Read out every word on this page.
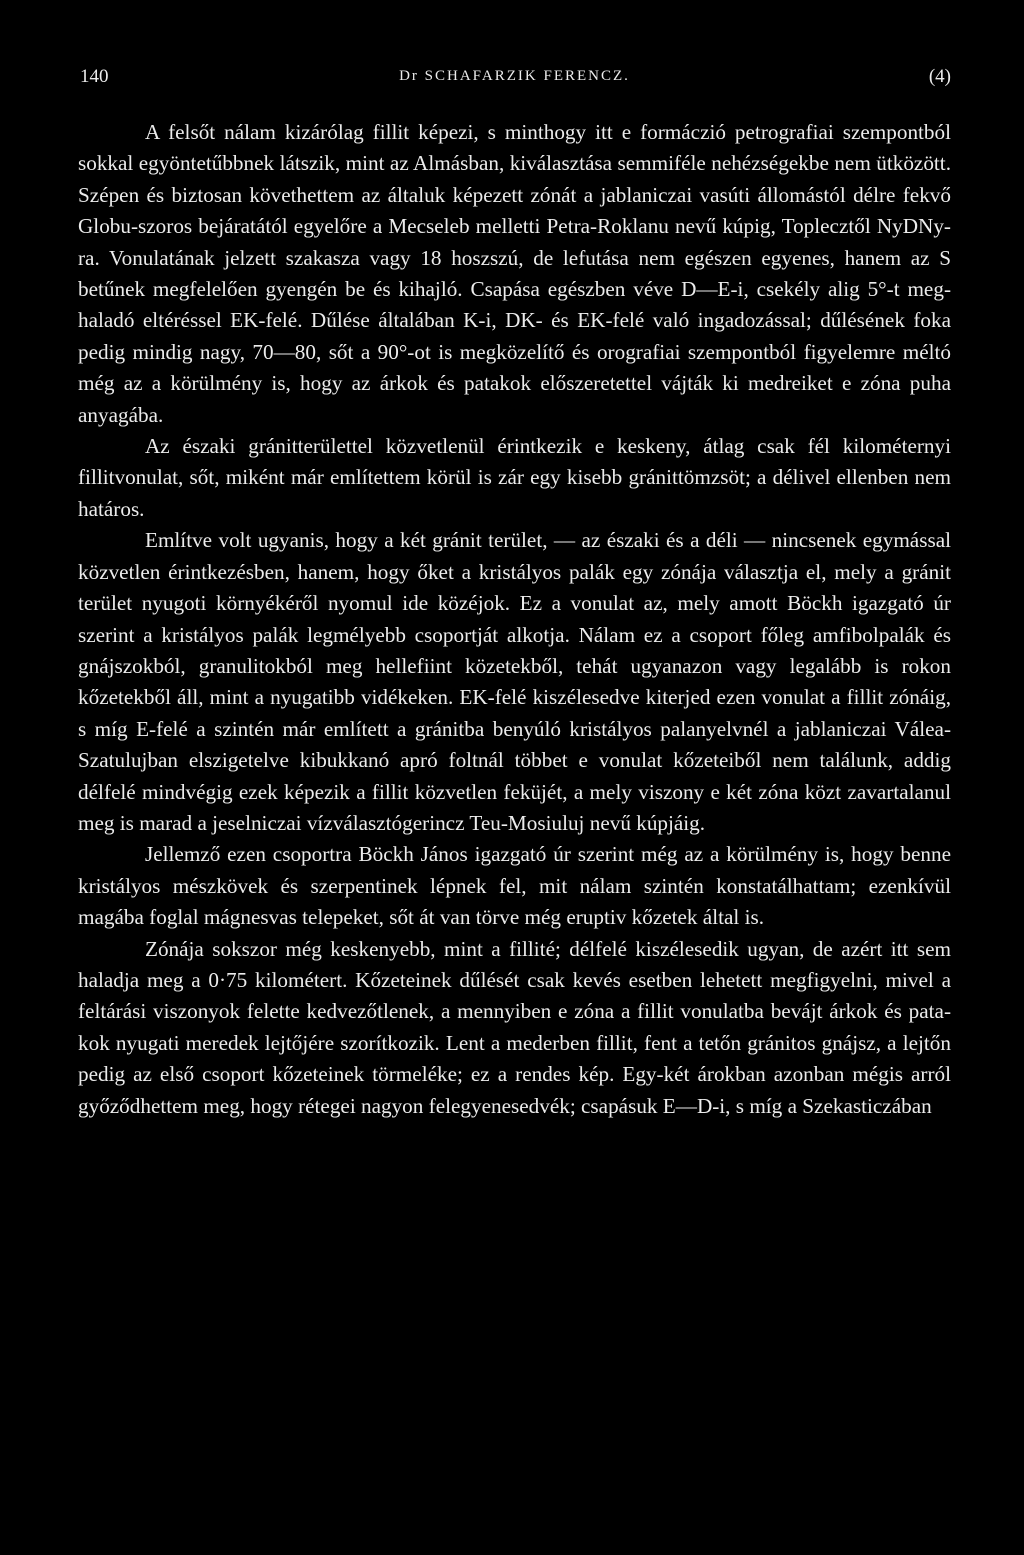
140	Dr SCHAFARZIK FERENCZ.	(4)

A felsőt nálam kizárólag fillit képezi, s minthogy itt e formáczió petrografiai szempontból sokkal egyöntetűbbnek látszik, mint az Almásban, kiválasztása semmiféle nehézségekbe nem ütközött. Szépen és biztosan követhettem az általuk képezett zónát a jablaniczai vasúti állomástól délre fekvő Globu-szoros bejáratától egyelőre a Mecseleb melletti Petra-Roklanu nevű kúpig, Toplecztől NyDNy-ra. Vonulatának jelzett szakasza vagy 18 hoszszú, de lefutása nem egészen egyenes, hanem az S betűnek megfelelően gyengén be és kihajló. Csapása egészben véve D—E-i, csekély alig 5°-t meghaladó eltéréssel EK-felé. Dűlése általában K-i, DK- és EK-felé való ingadozással; dűlésének foka pedig mindig nagy, 70—80, sőt a 90°-ot is megközelítő és orografiai szempontból figyelemre méltó még az a körülmény is, hogy az árkok és patakok előszeretettel vájták ki medreiket e zóna puha anyagába.

Az északi gránitterülettel közvetlenül érintkezik e keskeny, átlag csak fél kilométernyi fillitvonulat, sőt, miként már említettem körül is zár egy kisebb gránittömzsöt; a délivel ellenben nem határos.

Említve volt ugyanis, hogy a két gránit terület, — az északi és a déli — nincsenek egymással közvetlen érintkezésben, hanem, hogy őket a kristályos palák egy zónája választja el, mely a gránit terület nyugoti környékéről nyomul ide közéjok. Ez a vonulat az, mely amott Böckh igazgató úr szerint a kristályos palák legmélyebb csoportját alkotja. Nálam ez a csoport főleg amfibolpalák és gnájszokból, granulitokból meg hellefiint közetekből, tehát ugyanazon vagy legalább is rokon kőzetekből áll, mint a nyugatibb vidékeken. EK-felé kiszélesedve kiterjed ezen vonulat a fillit zónáig, s míg E-felé a szintén már említett a gránitba benyúló kristályos palanyelvnél a jablaniczai Válea-Szatulujban elszigetelve kibukkanó apró foltnál többet e vonulat kőzeteiből nem találunk, addig délfelé mindvégig ezek képezik a fillit közvetlen feküjét, a mely viszony e két zóna közt zavartalanul meg is marad a jeselniczai vízválasztógerincz Teu-Mosiuluj nevű kúpjáig.

Jellemző ezen csoportra Böckh János igazgató úr szerint még az a körülmény is, hogy benne kristályos mészkövek és szerpentinek lépnek fel, mit nálam szintén konstatálhattam; ezenkívül magába foglal mágnesvas telepeket, sőt át van törve még eruptiv kőzetek által is.

Zónája sokszor még keskenyebb, mint a fillité; délfelé kiszélesedik ugyan, de azért itt sem haladja meg a 0·75 kilométert. Kőzeteinek dűlését csak kevés esetben lehetett megfigyelni, mivel a feltárási viszonyok felette kedvezőtlenek, a mennyiben e zóna a fillit vonulatba bevájt árkok és patakok nyugati meredek lejtőjére szorítkozik. Lent a mederben fillit, fent a tetőn gránitos gnájsz, a lejtőn pedig az első csoport kőzeteinek törmeléke; ez a rendes kép. Egy-két árokban azonban mégis arról győződhettem meg, hogy rétegei nagyon felegyenesedvék; csapásuk E—D-i, s míg a Szekasticzában
